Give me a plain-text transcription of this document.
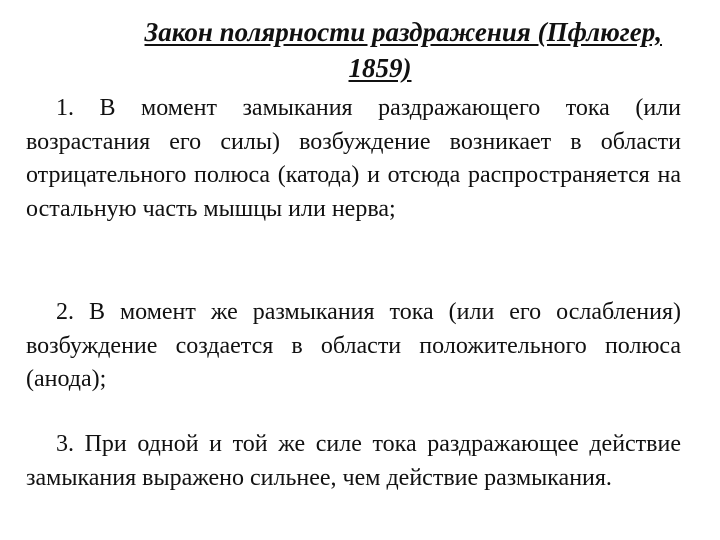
Закон полярности раздражения (Пфлюгер,
1859)
1. В момент замыкания раздражающего тока (или возрастания его силы) возбуждение возникает в области отрицательного полюса (катода) и отсюда распространяется на остальную часть мышцы или нерва;
2. В момент же размыкания тока (или его ослабления) возбуждение создается в области положительного полюса (анода);
3. При одной и той же силе тока раздражающее действие замыкания выражено сильнее, чем действие размыкания.
